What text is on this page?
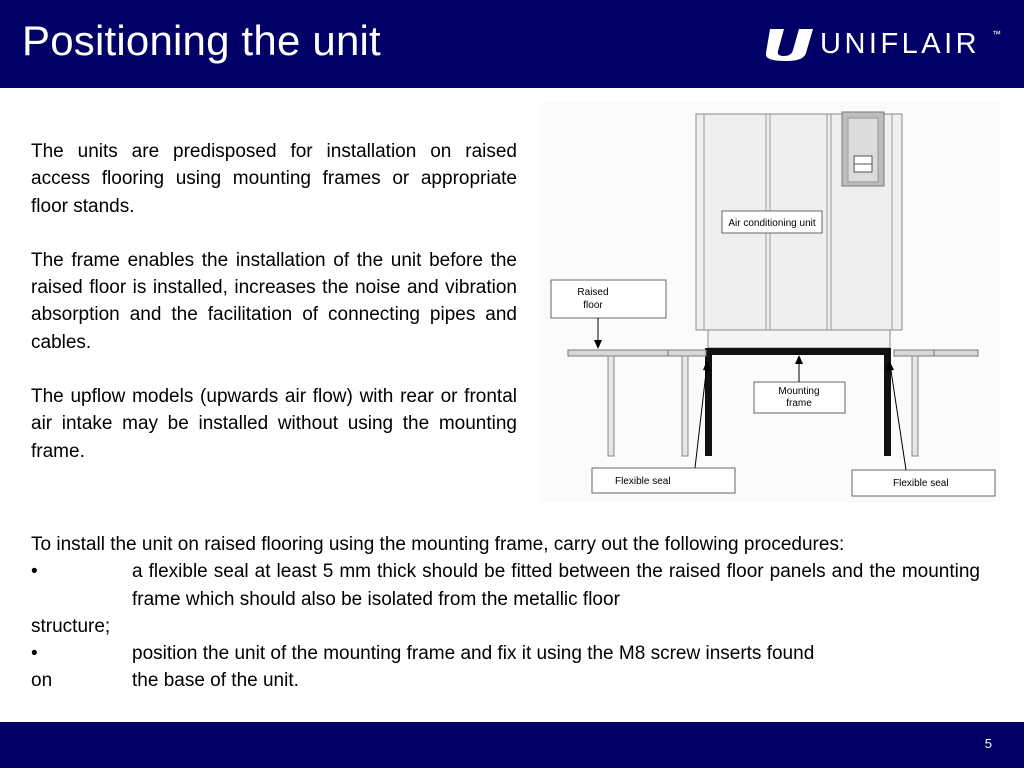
Positioning the unit	UNIFLAIR ™

The units are predisposed for installation on raised access flooring using mounting frames or appropriate floor stands.

The frame enables the installation of the unit before the raised floor is installed, increases the noise and vibration absorption and the facilitation of connecting pipes and cables.

The upflow models (upwards air flow) with rear or frontal air intake may be installed without using the mounting frame.

Air conditioning unit
Raised
floor
Mounting
frame
Flexible seal	Flexible seal

To install the unit on raised flooring using the mounting frame, carry out the following procedures:

•	a flexible seal at least 5 mm thick should be fitted between the raised floor panels and the mounting frame which should also be isolated from the metallic floor

structure;

•	position the unit of the mounting frame and fix it using the M8 screw inserts found

on	the base of the unit.

5
